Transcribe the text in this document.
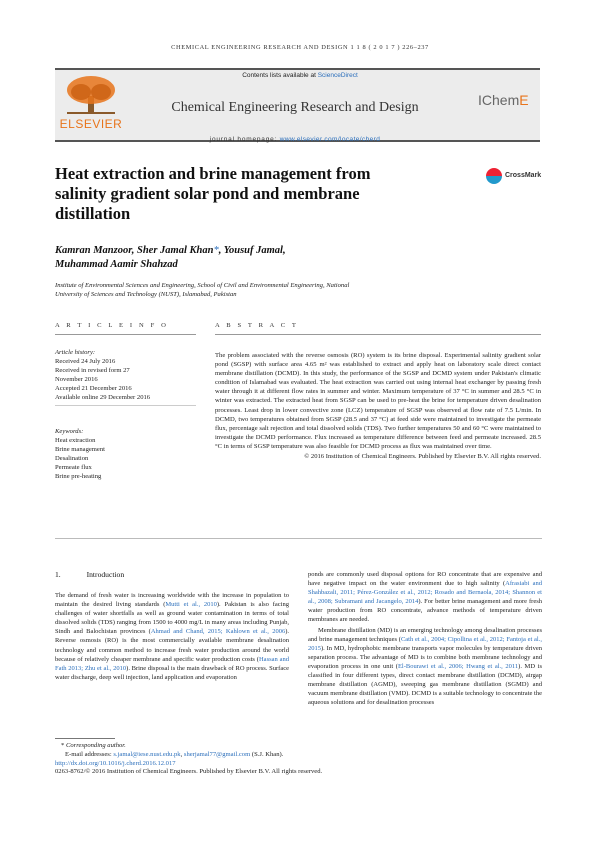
CHEMICAL ENGINEERING RESEARCH AND DESIGN 1 1 8 ( 2 0 1 7 ) 226–237
ELSEVIER
Contents lists available at ScienceDirect
Chemical Engineering Research and Design
journal homepage: www.elsevier.com/locate/cherd
IChemE
Heat extraction and brine management from
salinity gradient solar pond and membrane
distillation
CrossMark
Kamran Manzoor, Sher Jamal Khan*, Yousuf Jamal,
Muhammad Aamir Shahzad
Institute of Environmental Sciences and Engineering, School of Civil and Environmental Engineering, National
University of Sciences and Technology (NUST), Islamabad, Pakistan
A R T I C L E I N F O	A B S T R A C T
Article history:
Received 24 July 2016
Received in revised form 27
November 2016
Accepted 21 December 2016
Available online 29 December 2016
Keywords:
Heat extraction
Brine management
Desalination
Permeate flux
Brine pre-heating
The problem associated with the reverse osmosis (RO) system is its brine disposal. Experimental salinity gradient solar pond (SGSP) with surface area 4.65 m² was established to extract and apply heat on laboratory scale direct contact membrane distillation (DCMD). In this study, the performance of the SGSP and DCMD system under Pakistan's climatic condition of Islamabad was evaluated. The heat extraction was carried out using internal heat exchanger by passing fresh water through it at different flow rates in summer and winter. Maximum temperature of 37 °C in summer and 28.5 °C in winter was extracted. The extracted heat from SGSP can be used to pre-heat the brine for temperature driven desalination processes. Least drop in lower convective zone (LCZ) temperature of SGSP was observed at flow rate of 7.5 L/min. In DCMD, two temperatures obtained from SGSP (28.5 and 37 °C) at feed side were maintained to investigate the permeate flux, percentage salt rejection and total dissolved solids (TDS). Two further temperatures 50 and 60 °C were maintained to investigate the DCMD performance. Flux increased as temperature difference between feed and permeate increased. 28.5 °C in terms of SGSP temperature was also feasible for DCMD process as flux was maintained over time.
© 2016 Institution of Chemical Engineers. Published by Elsevier B.V. All rights reserved.
1.	Introduction
The demand of fresh water is increasing worldwide with the increase in population to maintain the desired living standards (Mutti et al., 2010). Pakistan is also facing challenges of water shortfalls as well as ground water contamination in terms of total dissolved solids (TDS) ranging from 1500 to 4000 mg/L in many areas including Punjab, Sindh and Balochistan provinces (Ahmad and Chand, 2015; Kahlown et al., 2006). Reverse osmosis (RO) is the most commercially available membrane desalination technology and common method to increase fresh water production around the world because of relatively cheaper membrane and specific water production costs (Hassan and Fath 2013; Zhu et al., 2010). Brine disposal is the main drawback of RO process. Surface water discharge, deep well injection, land application and evaporation
ponds are commonly used disposal options for RO concentrate that are expensive and have negative impact on the water environment due to high salinity (Afrasiabi and Shahbazali, 2011; Pérez-González et al., 2012; Rosado and Bernaola, 2014; Shannon et al., 2008; Subramani and Jacangelo, 2014). For better brine management and more fresh water production from RO concentrate, advance methods of temperature driven membranes are needed.
Membrane distillation (MD) is an emerging technology among desalination processes and brine management techniques (Cath et al., 2004; Cipollina et al., 2012; Fantoja et al., 2015). In MD, hydrophobic membrane transports vapor molecules by temperature driven separation process. The advantage of MD is to combine both membrane technology and evaporation process in one unit (El-Bourawi et al., 2006; Hwang et al., 2011). MD is classified in four different types, direct contact membrane distillation (DCMD), airgap membrane distillation (AGMD), sweeping gas membrane distillation (SGMD) and vacuum membrane distillation (VMD). DCMD is a suitable technology to concentrate the aqueous solutions and for desalination processes
* Corresponding author.
E-mail addresses: s.jamal@iese.nust.edu.pk, sherjamal77@gmail.com (S.J. Khan).
http://dx.doi.org/10.1016/j.cherd.2016.12.017
0263-8762/© 2016 Institution of Chemical Engineers. Published by Elsevier B.V. All rights reserved.
